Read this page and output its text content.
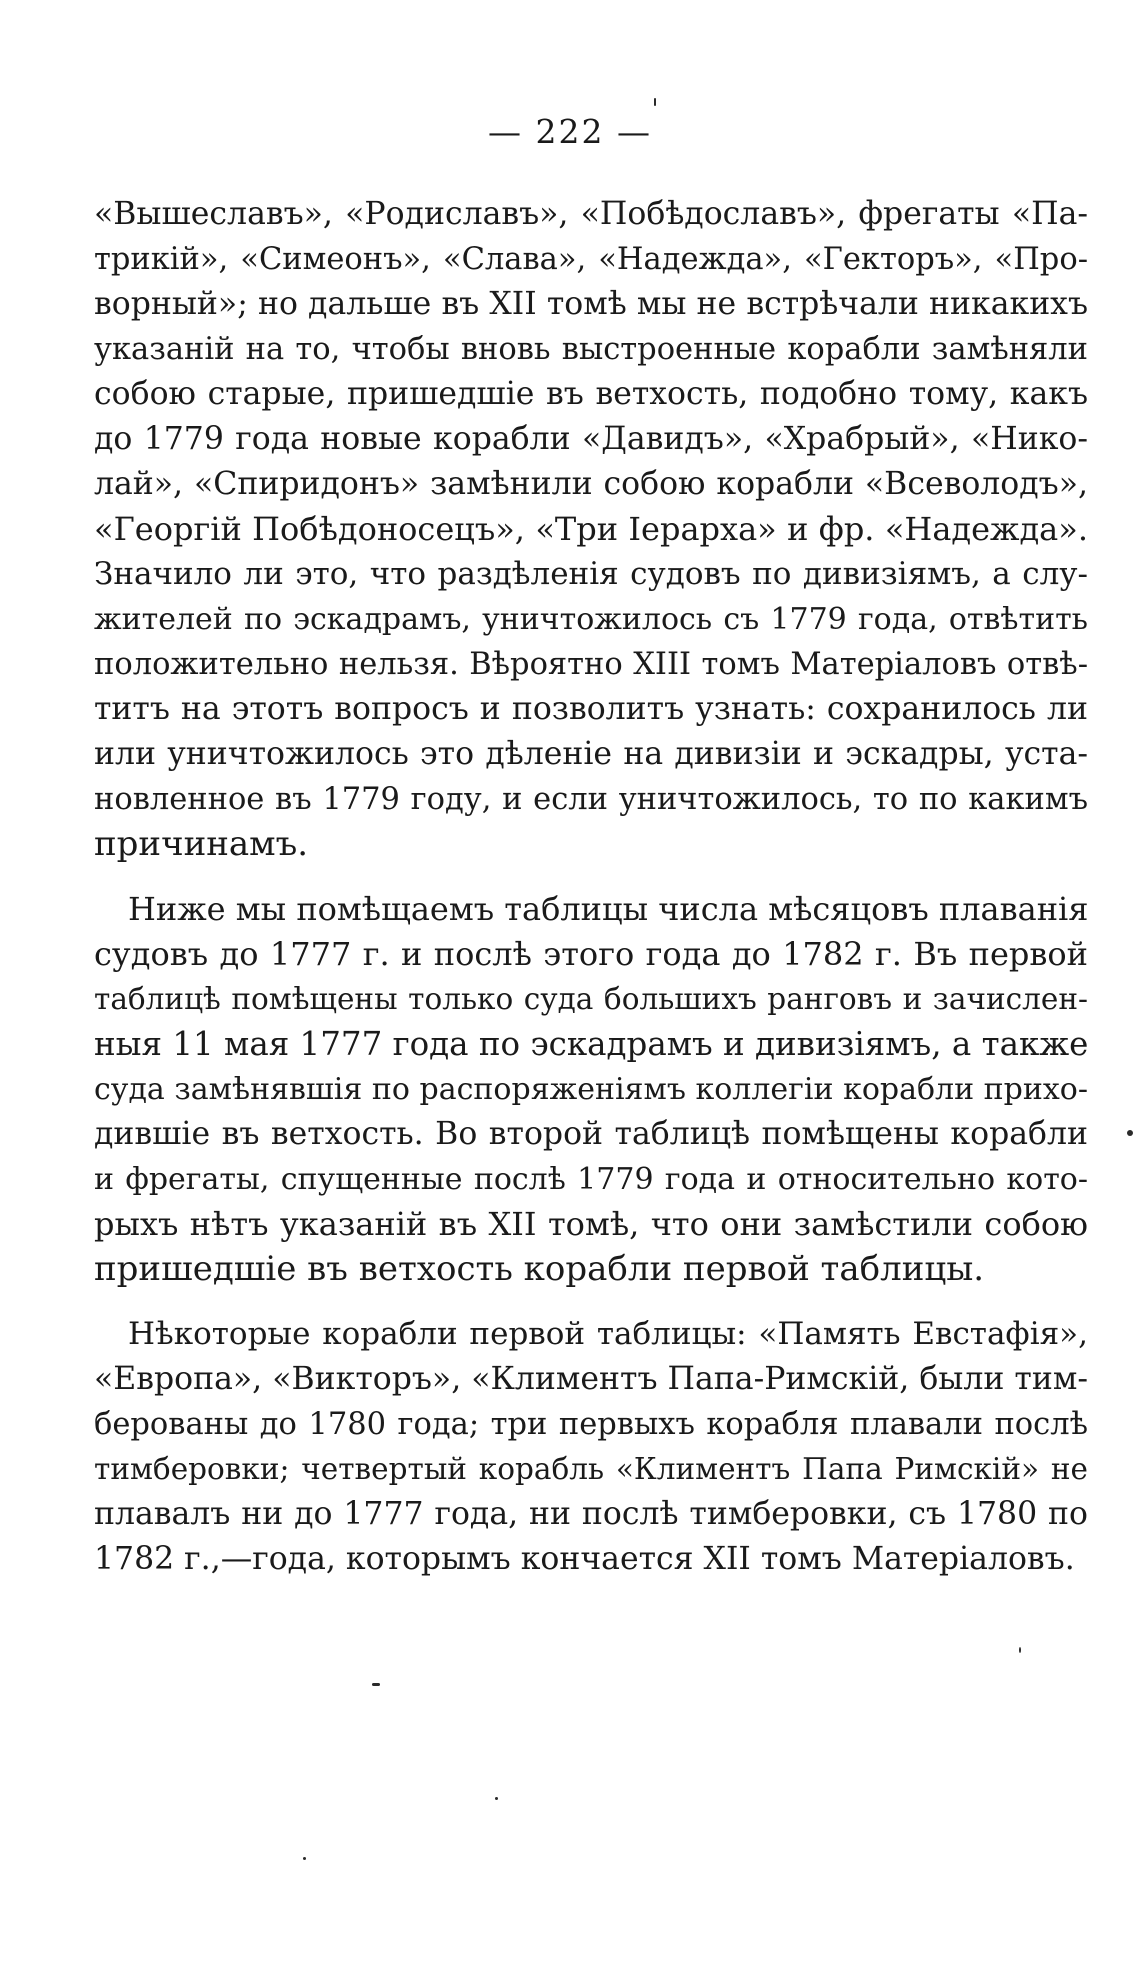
— 222 —
«Вышеславъ», «Родиславъ», «Побѣдославъ», фрегаты «Па-
трикій», «Симеонъ», «Слава», «Надежда», «Гекторъ», «Про-
ворный»; но дальше въ XII томѣ мы не встрѣчали никакихъ
указаній на то, чтобы вновь выстроенные корабли замѣняли
собою старые, пришедшіе въ ветхость, подобно тому, какъ
до 1779 года новые корабли «Давидъ», «Храбрый», «Нико-
лай», «Спиридонъ» замѣнили собою корабли «Всеволодъ»,
«Георгій Побѣдоносецъ», «Три Іерарха» и фр. «Надежда».
Значило ли это, что раздѣленія судовъ по дивизіямъ, а слу-
жителей по эскадрамъ, уничтожилось съ 1779 года, отвѣтить
положительно нельзя. Вѣроятно XIII томъ Матеріаловъ отвѣ-
титъ на этотъ вопросъ и позволитъ узнать: сохранилось ли
или уничтожилось это дѣленіе на дивизіи и эскадры, уста-
новленное въ 1779 году, и если уничтожилось, то по какимъ
причинамъ.
Ниже мы помѣщаемъ таблицы числа мѣсяцовъ плаванія
судовъ до 1777 г. и послѣ этого года до 1782 г. Въ первой
таблицѣ помѣщены только суда большихъ ранговъ и зачислен-
ныя 11 мая 1777 года по эскадрамъ и дивизіямъ, а также
суда замѣнявшія по распоряженіямъ коллегіи корабли прихо-
дившіе въ ветхость. Во второй таблицѣ помѣщены корабли
и фрегаты, спущенные послѣ 1779 года и относительно кото-
рыхъ нѣтъ указаній въ XII томѣ, что они замѣстили собою
пришедшіе въ ветхость корабли первой таблицы.
Нѣкоторые корабли первой таблицы: «Память Евстафія»,
«Европа», «Викторъ», «Климентъ Папа-Римскій, были тим-
берованы до 1780 года; три первыхъ корабля плавали послѣ
тимберовки; четвертый корабль «Климентъ Папа Римскій» не
плавалъ ни до 1777 года, ни послѣ тимберовки, съ 1780 по
1782 г.,—года, которымъ кончается XII томъ Матеріаловъ.
